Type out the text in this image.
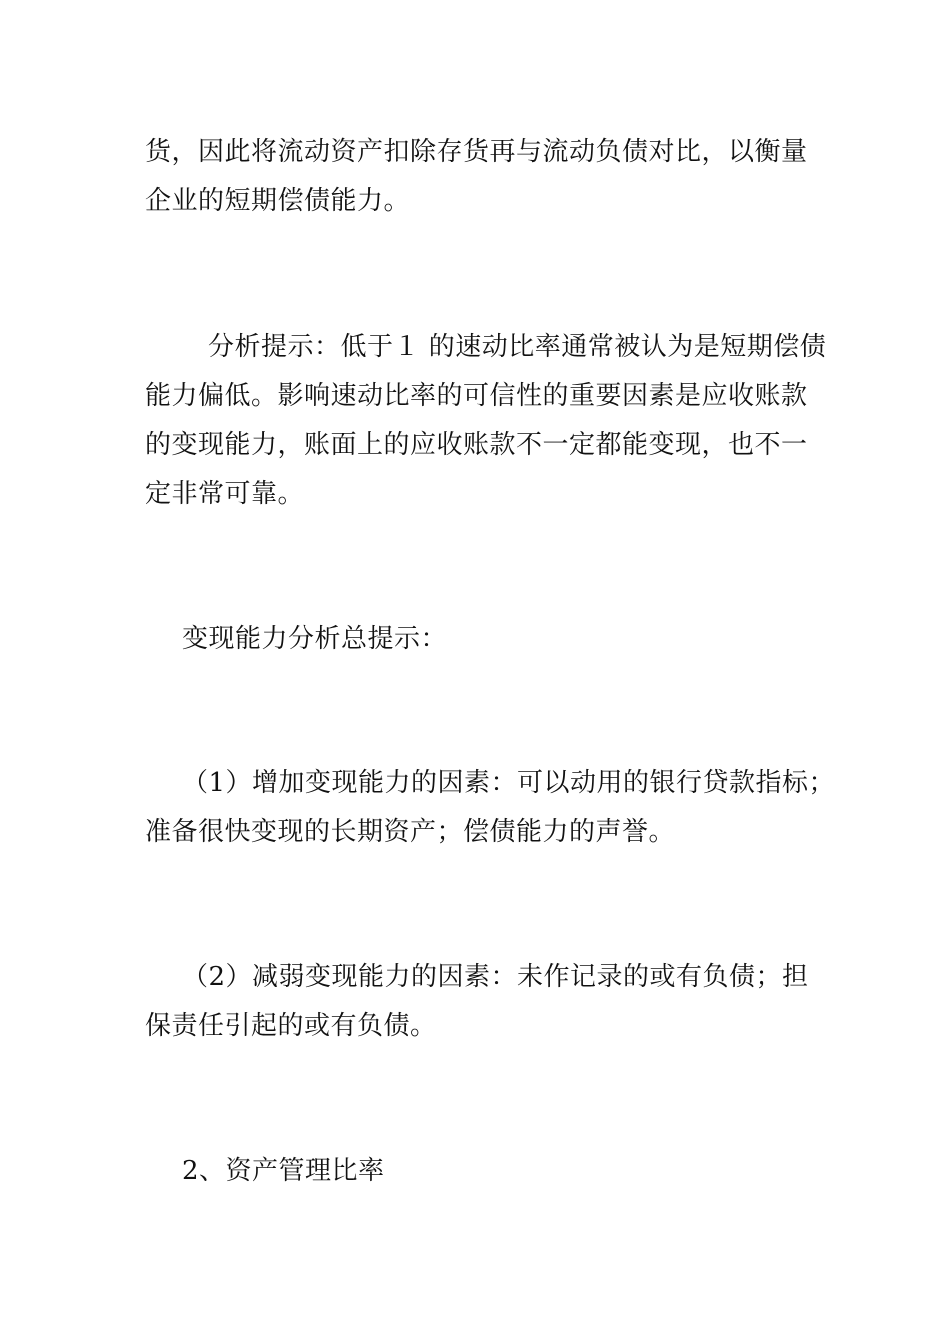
货，因此将流动资产扣除存货再与流动负债对比，以衡量
企业的短期偿债能力。
分析提示：低于１ 的速动比率通常被认为是短期偿债
能力偏低。影响速动比率的可信性的重要因素是应收账款
的变现能力，账面上的应收账款不一定都能变现，也不一
定非常可靠。
变现能力分析总提示：
（1）增加变现能力的因素：可以动用的银行贷款指标；
准备很快变现的长期资产；偿债能力的声誉。
（2）减弱变现能力的因素：未作记录的或有负债；担
保责任引起的或有负债。
2、资产管理比率
